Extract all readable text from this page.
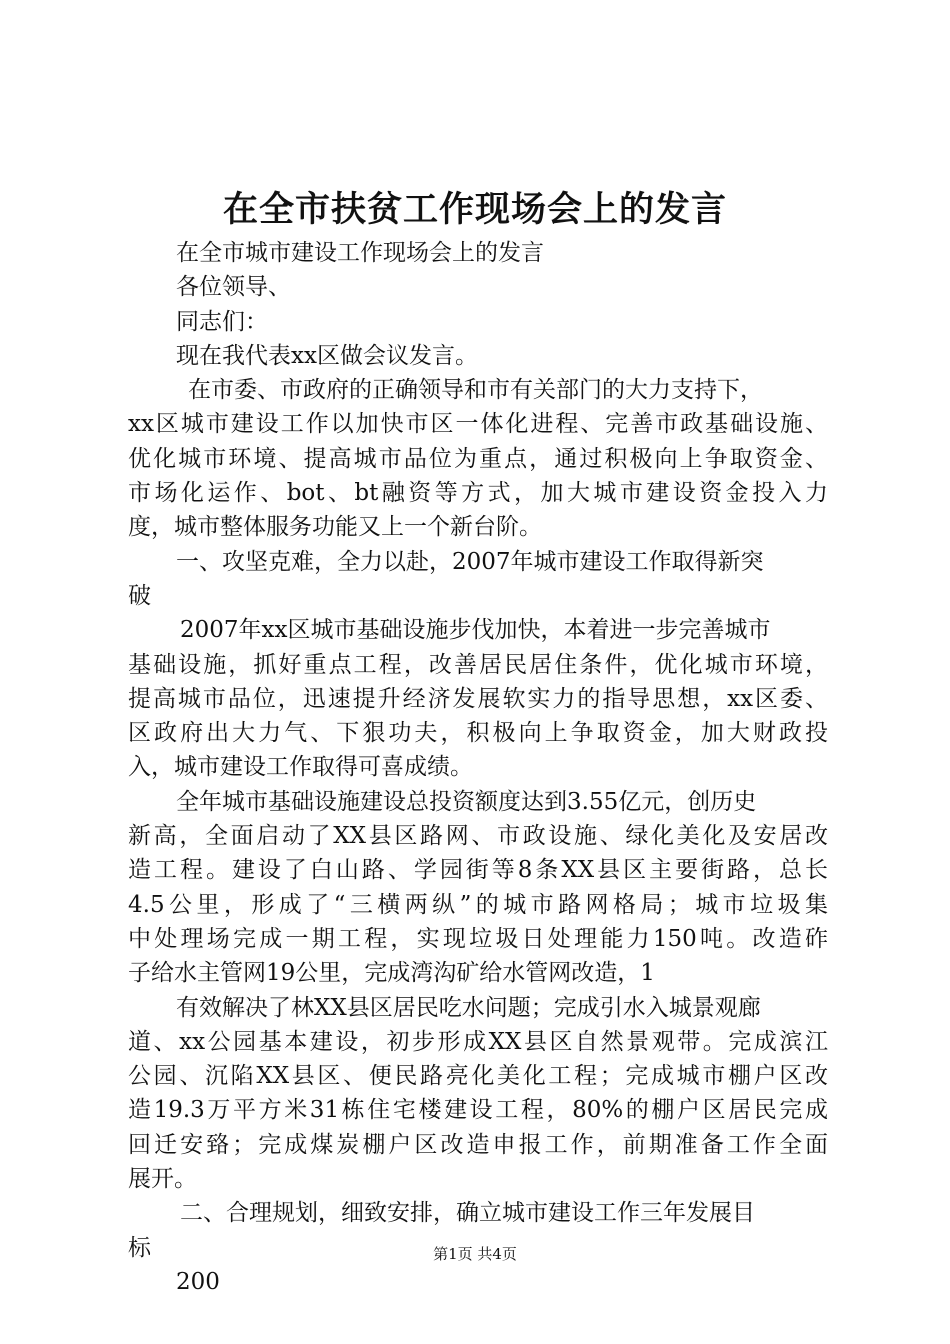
在全市扶贫工作现场会上的发言
在全市城市建设工作现场会上的发言
各位领导、
同志们：
现在我代表xx区做会议发言。
在市委、市政府的正确领导和市有关部门的大力支持下，
xx区城市建设工作以加快市区一体化进程、完善市政基础设施、
优化城市环境、提高城市品位为重点，通过积极向上争取资金、
市场化运作、bot、bt融资等方式，加大城市建设资金投入力
度，城市整体服务功能又上一个新台阶。
一、攻坚克难，全力以赴，2007年城市建设工作取得新突
破
2007年xx区城市基础设施步伐加快，本着进一步完善城市
基础设施，抓好重点工程，改善居民居住条件，优化城市环境，
提高城市品位，迅速提升经济发展软实力的指导思想，xx区委、
区政府出大力气、下狠功夫，积极向上争取资金，加大财政投
入，城市建设工作取得可喜成绩。
全年城市基础设施建设总投资额度达到3.55亿元，创历史
新高，全面启动了XX县区路网、市政设施、绿化美化及安居改
造工程。建设了白山路、学园街等8条XX县区主要街路，总长
4.5公里，形成了“三横两纵”的城市路网格局；城市垃圾集
中处理场完成一期工程，实现垃圾日处理能力150吨。改造砟
子给水主管网19公里，完成湾沟矿给水管网改造，1
有效解决了林XX县区居民吃水问题；完成引水入城景观廊
道、xx公园基本建设，初步形成XX县区自然景观带。完成滨江
公园、沉陷XX县区、便民路亮化美化工程；完成城市棚户区改
造19.3万平方米31栋住宅楼建设工程，80%的棚户区居民完成
回迁安臵；完成煤炭棚户区改造申报工作，前期准备工作全面
展开。
二、合理规划，细致安排，确立城市建设工作三年发展目
标
200
第1页 共4页
